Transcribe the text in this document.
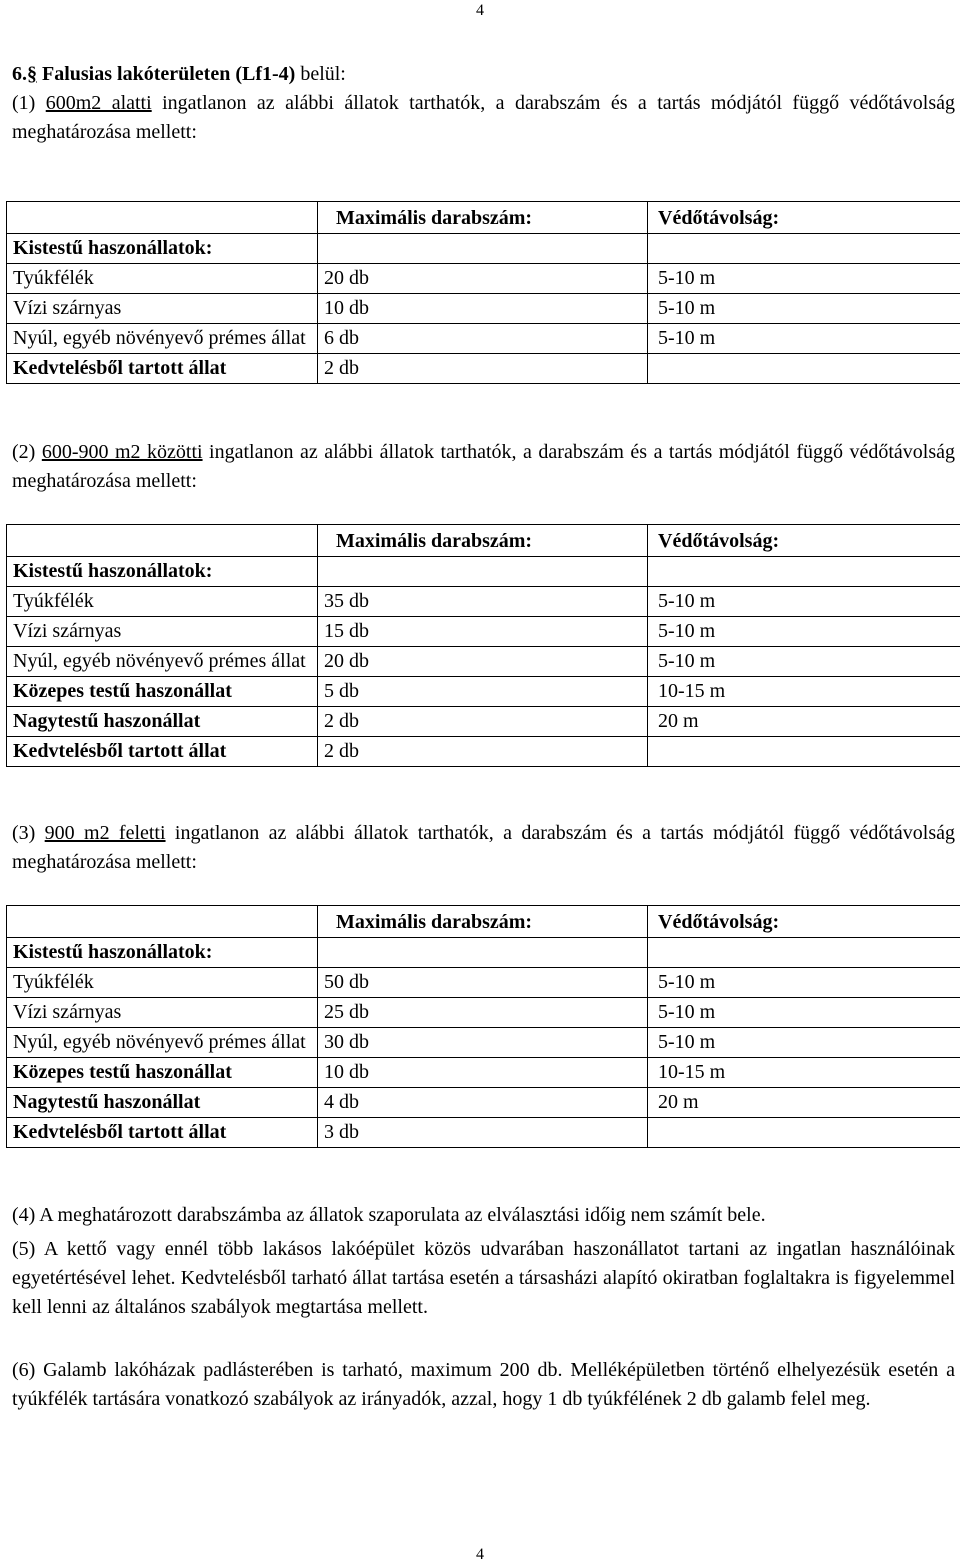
4
6.§ Falusias lakóterületen (Lf1-4) belül:
(1) 600m2 alatti ingatlanon az alábbi állatok tarthatók, a darabszám és a tartás módjától függő védőtávolság meghatározása mellett:
	Maximális darabszám:	Védőtávolság:
Kistestű haszonállatok:		
Tyúkfélék	20 db	5-10 m
Vízi szárnyas	10 db	5-10 m
Nyúl, egyéb növényevő prémes állat	6 db	5-10 m
Kedvtelésből tartott állat	2 db	
(2) 600-900 m2 közötti ingatlanon az alábbi állatok tarthatók, a darabszám és a tartás módjától függő védőtávolság meghatározása mellett:
	Maximális darabszám:	Védőtávolság:
Kistestű haszonállatok:		
Tyúkfélék	35 db	5-10 m
Vízi szárnyas	15 db	5-10 m
Nyúl, egyéb növényevő prémes állat	20 db	5-10 m
Közepes testű haszonállat	5 db	10-15 m
Nagytestű haszonállat	2 db	20 m
Kedvtelésből tartott állat	2 db	
(3) 900 m2 feletti ingatlanon az alábbi állatok tarthatók, a darabszám és a tartás módjától függő védőtávolság meghatározása mellett:
	Maximális darabszám:	Védőtávolság:
Kistestű haszonállatok:		
Tyúkfélék	50 db	5-10 m
Vízi szárnyas	25 db	5-10 m
Nyúl, egyéb növényevő prémes állat	30 db	5-10 m
Közepes testű haszonállat	10 db	10-15 m
Nagytestű haszonállat	4 db	20 m
Kedvtelésből tartott állat	3 db	
(4) A meghatározott darabszámba az állatok szaporulata az elválasztási időig nem számít bele.
(5) A kettő vagy ennél több lakásos lakóépület közös udvarában haszonállatot tartani az ingatlan használóinak egyetértésével lehet. Kedvtelésből tarható állat tartása esetén a társasházi alapító okiratban foglaltakra is figyelemmel kell lenni az általános szabályok megtartása mellett.
(6) Galamb lakóházak padlásterében is tarható, maximum 200 db. Melléképületben történő elhelyezésük esetén a tyúkfélék tartására vonatkozó szabályok az irányadók, azzal, hogy 1 db tyúkfélének 2 db galamb felel meg.
4
